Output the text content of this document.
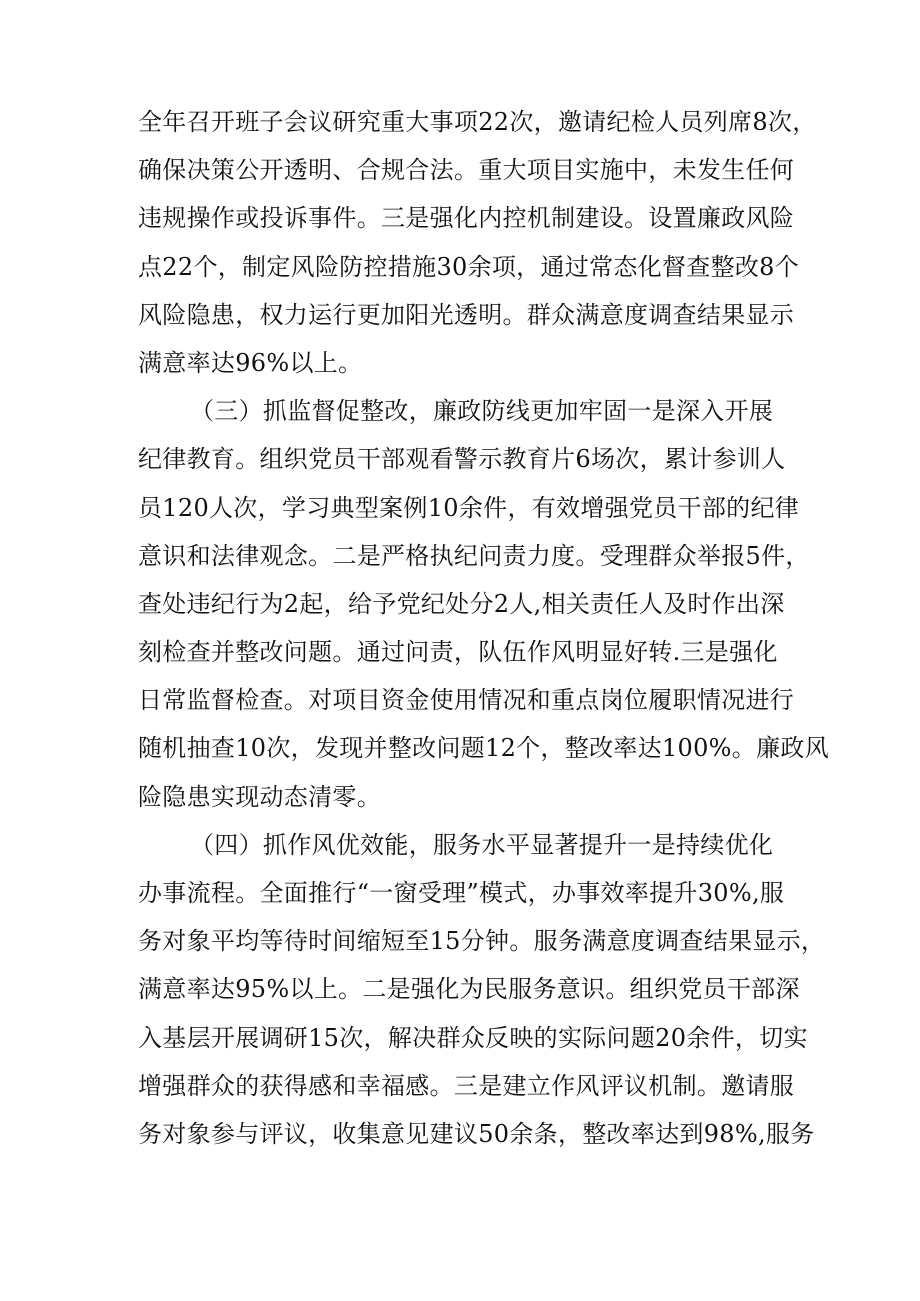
全年召开班子会议研究重大事项22次，邀请纪检人员列席8次，
确保决策公开透明、合规合法。重大项目实施中，未发生任何
违规操作或投诉事件。三是强化内控机制建设。设置廉政风险
点22个，制定风险防控措施30余项，通过常态化督查整改8个
风险隐患，权力运行更加阳光透明。群众满意度调查结果显示
满意率达96%以上。
（三）抓监督促整改，廉政防线更加牢固一是深入开展
纪律教育。组织党员干部观看警示教育片6场次，累计参训人
员120人次，学习典型案例10余件，有效增强党员干部的纪律
意识和法律观念。二是严格执纪问责力度。受理群众举报5件，
查处违纪行为2起，给予党纪处分2人,相关责任人及时作出深
刻检查并整改问题。通过问责，队伍作风明显好转.三是强化
日常监督检查。对项目资金使用情况和重点岗位履职情况进行
随机抽查10次，发现并整改问题12个，整改率达100%。廉政风
险隐患实现动态清零。
（四）抓作风优效能，服务水平显著提升一是持续优化
办事流程。全面推行“一窗受理”模式，办事效率提升30%,服
务对象平均等待时间缩短至15分钟。服务满意度调查结果显示，
满意率达95%以上。二是强化为民服务意识。组织党员干部深
入基层开展调研15次，解决群众反映的实际问题20余件，切实
增强群众的获得感和幸福感。三是建立作风评议机制。邀请服
务对象参与评议，收集意见建议50余条，整改率达到98%,服务
